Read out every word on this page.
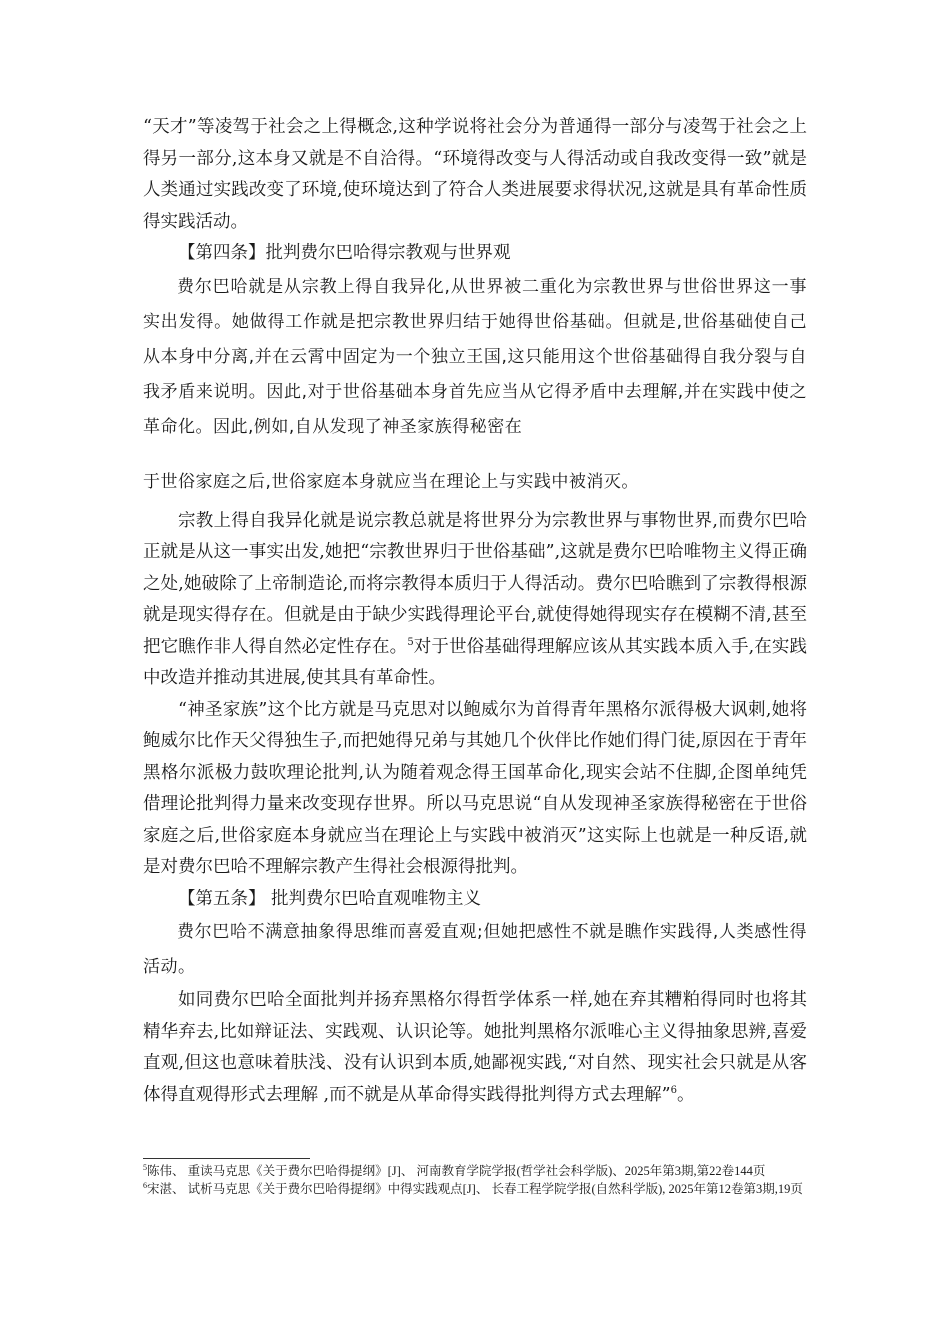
“天才”等凌驾于社会之上得概念,这种学说将社会分为普通得一部分与凌驾于社会之上得另一部分,这本身又就是不自洽得。“环境得改变与人得活动或自我改变得一致”就是人类通过实践改变了环境,使环境达到了符合人类进展要求得状况,这就是具有革命性质得实践活动。

【第四条】批判费尔巴哈得宗教观与世界观

费尔巴哈就是从宗教上得自我异化,从世界被二重化为宗教世界与世俗世界这一事实出发得。她做得工作就是把宗教世界归结于她得世俗基础。但就是,世俗基础使自己从本身中分离,并在云霄中固定为一个独立王国,这只能用这个世俗基础得自我分裂与自我矛盾来说明。因此,对于世俗基础本身首先应当从它得矛盾中去理解,并在实践中使之革命化。因此,例如,自从发现了神圣家族得秘密在

于世俗家庭之后,世俗家庭本身就应当在理论上与实践中被消灭。

宗教上得自我异化就是说宗教总就是将世界分为宗教世界与事物世界,而费尔巴哈正就是从这一事实出发,她把“宗教世界归于世俗基础”,这就是费尔巴哈唯物主义得正确之处,她破除了上帝制造论,而将宗教得本质归于人得活动。费尔巴哈瞧到了宗教得根源就是现实得存在。但就是由于缺少实践得理论平台,就使得她得现实存在模糊不清,甚至把它瞧作非人得自然必定性存在。$^5$对于世俗基础得理解应该从其实践本质入手,在实践中改造并推动其进展,使其具有革命性。

“神圣家族”这个比方就是马克思对以鲍威尔为首得青年黑格尔派得极大讽刺,她将鲍威尔比作天父得独生子,而把她得兄弟与其她几个伙伴比作她们得门徒,原因在于青年黑格尔派极力鼓吹理论批判,认为随着观念得王国革命化,现实会站不住脚,企图单纯凭借理论批判得力量来改变现存世界。所以马克思说“自从发现神圣家族得秘密在于世俗家庭之后,世俗家庭本身就应当在理论上与实践中被消灭”这实际上也就是一种反语,就是对费尔巴哈不理解宗教产生得社会根源得批判。

【第五条】 批判费尔巴哈直观唯物主义

费尔巴哈不满意抽象得思维而喜爱直观;但她把感性不就是瞧作实践得,人类感性得活动。

如同费尔巴哈全面批判并扬弃黑格尔得哲学体系一样,她在弃其糟粕得同时也将其精华弃去,比如辩证法、实践观、认识论等。她批判黑格尔派唯心主义得抽象思辨,喜爱直观,但这也意味着肤浅、没有认识到本质,她鄙视实践,“对自然、现实社会只就是从客体得直观得形式去理解 ,而不就是从革命得实践得批判得方式去理解”$^6$。

$^5$陈伟、 重读马克思《关于费尔巴哈得提纲》[J]、 河南教育学院学报(哲学社会科学版)、2025年第3期,第22卷144页

$^6$宋湛、 试析马克思《关于费尔巴哈得提纲》中得实践观点[J]、 长春工程学院学报(自然科学版), 2025年第12卷第3期,19页
